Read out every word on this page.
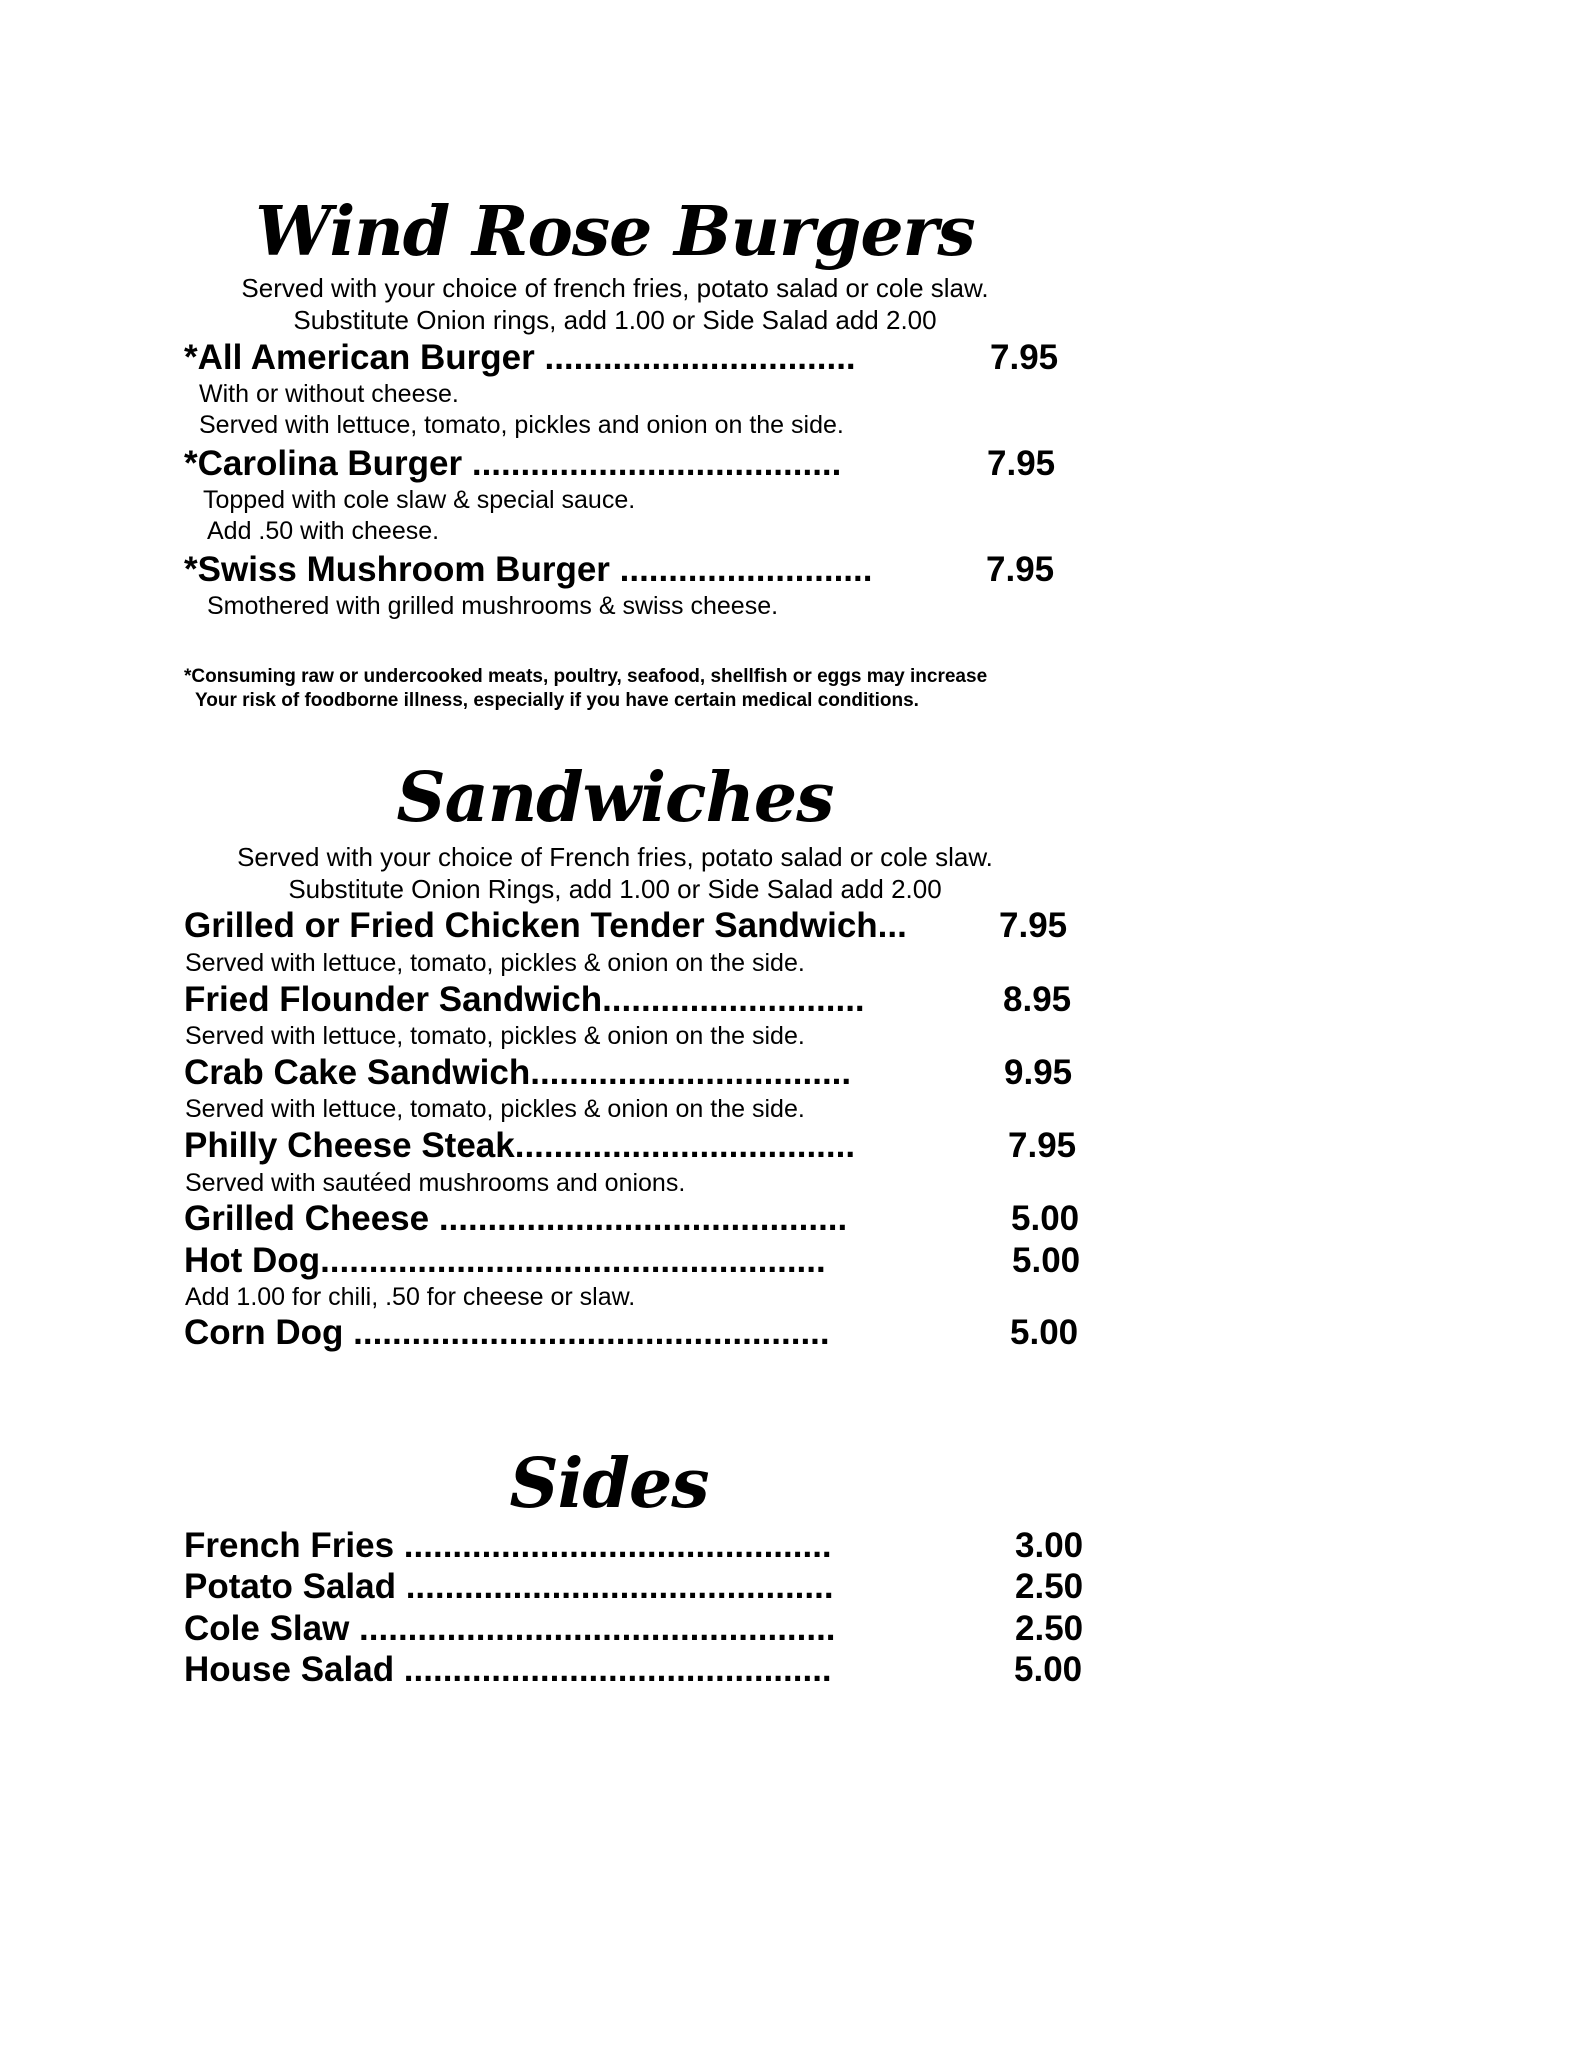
Wind Rose Burgers
Served with your choice of french fries, potato salad or cole slaw.
Substitute Onion rings, add 1.00 or Side Salad add 2.00
*All American Burger ................................	7.95
With or without cheese.
Served with lettuce, tomato, pickles and onion on the side.
*Carolina Burger ......................................	7.95
Topped with cole slaw & special sauce.
Add .50 with cheese.
*Swiss Mushroom Burger ..........................	7.95
Smothered with grilled mushrooms & swiss cheese.
*Consuming raw or undercooked meats, poultry, seafood, shellfish or eggs may increase
Your risk of foodborne illness, especially if you have certain medical conditions.
Sandwiches
Served with your choice of French fries, potato salad or cole slaw.
Substitute Onion Rings, add 1.00 or Side Salad add 2.00
Grilled or Fried Chicken Tender Sandwich...	7.95
Served with lettuce, tomato, pickles & onion on the side.
Fried Flounder Sandwich...........................	8.95
Served with lettuce, tomato, pickles & onion on the side.
Crab Cake Sandwich.................................	9.95
Served with lettuce, tomato, pickles & onion on the side.
Philly Cheese Steak...................................	7.95
Served with sautéed mushrooms and onions.
Grilled Cheese ..........................................	5.00
Hot Dog....................................................	5.00
Add 1.00 for chili, .50 for cheese or slaw.
Corn Dog .................................................	5.00
Sides
French Fries ............................................	3.00
Potato Salad ............................................	2.50
Cole Slaw .................................................	2.50
House Salad ............................................	5.00
